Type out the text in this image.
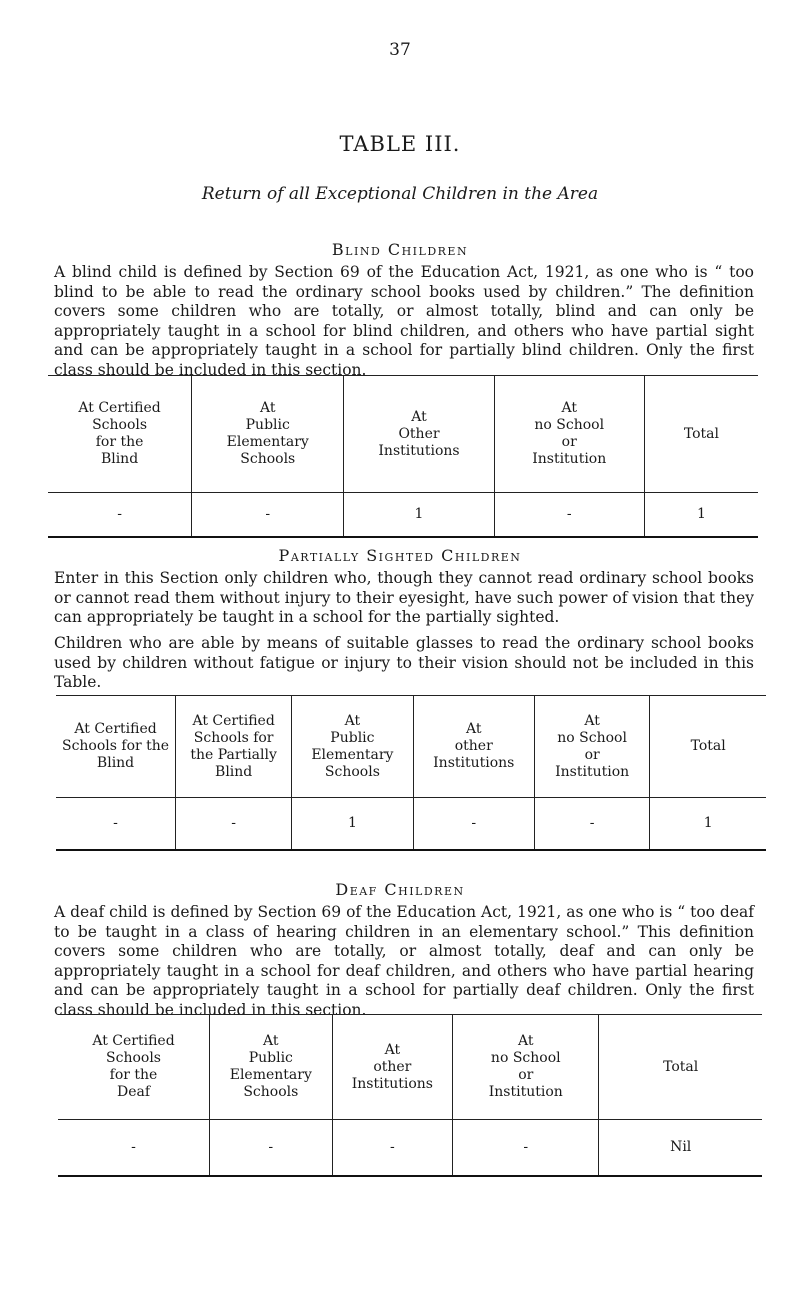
37
TABLE III.
Return of all Exceptional Children in the Area
Blind Children
A blind child is defined by Section 69 of the Education Act, 1921, as one who is “ too blind to be able to read the ordinary school books used by children.” The definition covers some children who are totally, or almost totally, blind and can only be appropriately taught in a school for blind children, and others who have partial sight and can be appropriately taught in a school for partially blind children. Only the first class should be included in this section.
At Certified
Schools
for the
Blind	At
Public
Elementary
Schools	At
Other
Institutions	At
no School
or
Institution	Total

-	-	1	-	1
Partially Sighted Children
Enter in this Section only children who, though they cannot read ordinary school books or cannot read them without injury to their eyesight, have such power of vision that they can appropriately be taught in a school for the partially sighted.
Children who are able by means of suitable glasses to read the ordinary school books used by children without fatigue or injury to their vision should not be included in this Table.
At Certified
Schools for the
Blind	At Certified
Schools for
the Partially
Blind	At
Public
Elementary
Schools	At
other
Institutions	At
no School
or
Institution	Total

-	-	1	-	-	1
Deaf Children
A deaf child is defined by Section 69 of the Education Act, 1921, as one who is “ too deaf to be taught in a class of hearing children in an elementary school.” This definition covers some children who are totally, or almost totally, deaf and can only be appropriately taught in a school for deaf children, and others who have partial hearing and can be appropriately taught in a school for partially deaf children. Only the first class should be included in this section.
At Certified
Schools
for the
Deaf	At
Public
Elementary
Schools	At
other
Institutions	At
no School
or
Institution	Total

-	-	-	-	Nil
